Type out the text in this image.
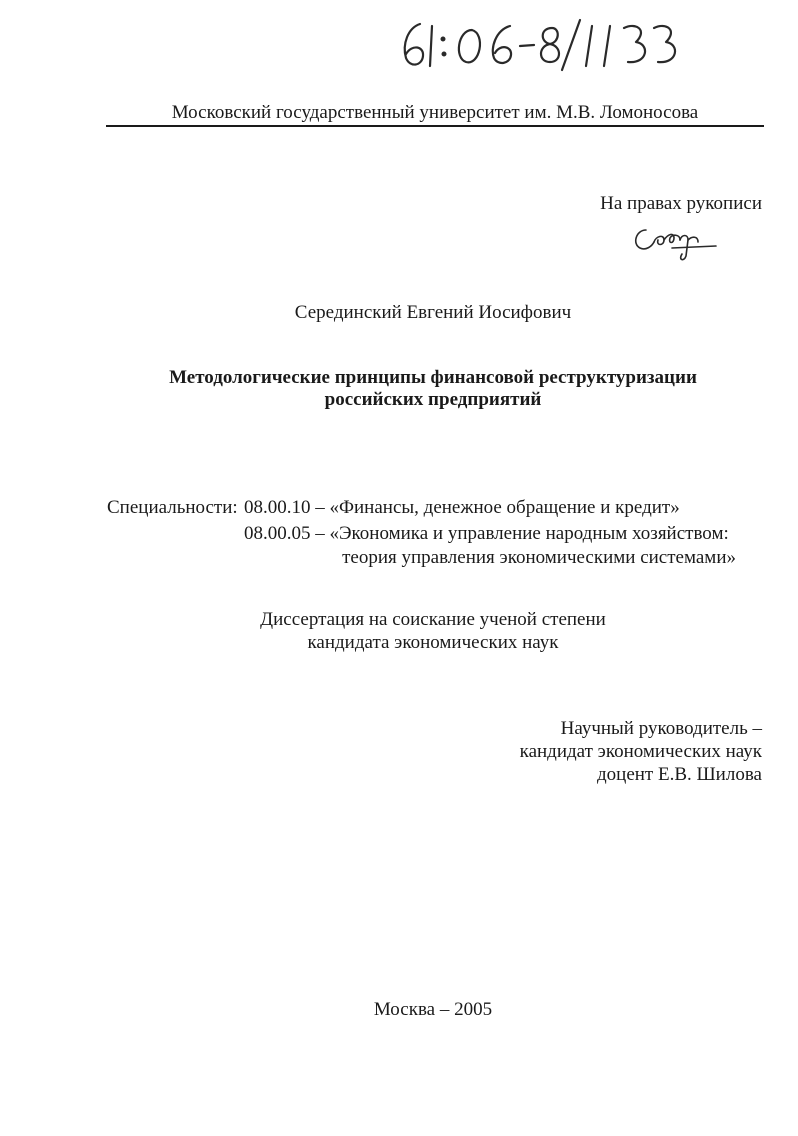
Московский государственный университет им. М.В. Ломоносова
На правах рукописи
Серединский Евгений Иосифович
Методологические принципы финансовой реструктуризации
российских предприятий
Специальности: 08.00.10 – «Финансы, денежное обращение и кредит»
08.00.05 – «Экономика и управление народным хозяйством:
теория управления экономическими системами»
Диссертация на соискание ученой степени
кандидата экономических наук
Научный руководитель –
кандидат экономических наук
доцент Е.В. Шилова
Москва – 2005
